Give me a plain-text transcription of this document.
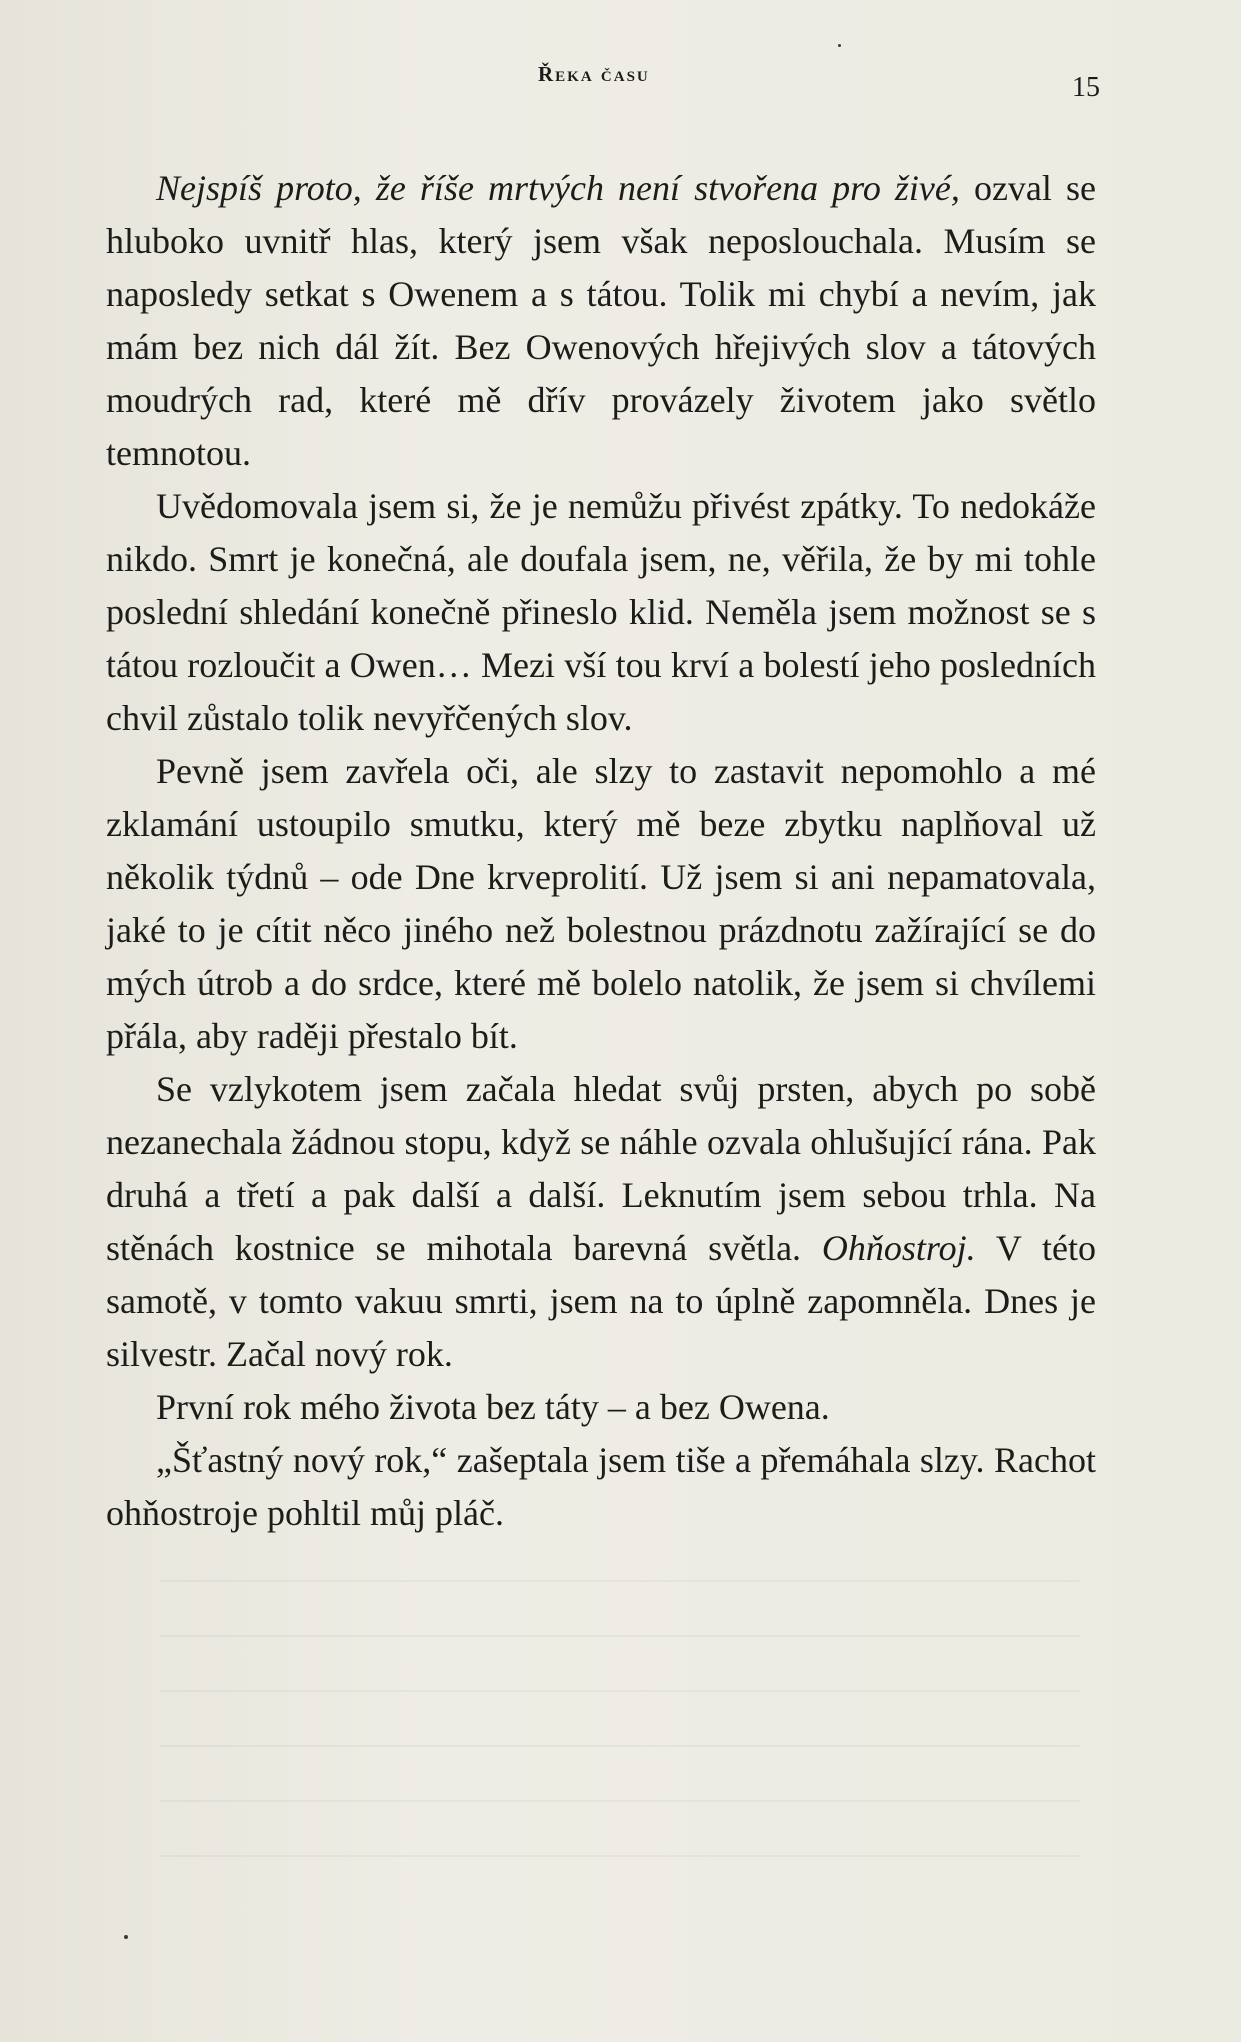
Řeka času	15

Nejspíš proto, že říše mrtvých není stvořena pro živé, ozval se hluboko uvnitř hlas, který jsem však neposlouchala. Musím se naposledy setkat s Owenem a s tátou. Tolik mi chybí a nevím, jak mám bez nich dál žít. Bez Owenových hřejivých slov a tátových moudrých rad, které mě dřív provázely životem jako světlo temnotou.

Uvědomovala jsem si, že je nemůžu přivést zpátky. To nedokáže nikdo. Smrt je konečná, ale doufala jsem, ne, věřila, že by mi tohle poslední shledání konečně přineslo klid. Neměla jsem možnost se s tátou rozloučit a Owen… Mezi vší tou krví a bolestí jeho posledních chvil zůstalo tolik nevyřčených slov.

Pevně jsem zavřela oči, ale slzy to zastavit nepomohlo a mé zklamání ustoupilo smutku, který mě beze zbytku naplňoval už několik týdnů – ode Dne krveprolití. Už jsem si ani nepamatovala, jaké to je cítit něco jiného než bolestnou prázdnotu zažírající se do mých útrob a do srdce, které mě bolelo natolik, že jsem si chvílemi přála, aby raději přestalo bít.

Se vzlykotem jsem začala hledat svůj prsten, abych po sobě nezanechala žádnou stopu, když se náhle ozvala ohlušující rána. Pak druhá a třetí a pak další a další. Leknutím jsem sebou trhla. Na stěnách kostnice se mihotala barevná světla. Ohňostroj. V této samotě, v tomto vakuu smrti, jsem na to úplně zapomněla. Dnes je silvestr. Začal nový rok.

První rok mého života bez táty – a bez Owena.

„Šťastný nový rok,“ zašeptala jsem tiše a přemáhala slzy. Rachot ohňostroje pohltil můj pláč.
